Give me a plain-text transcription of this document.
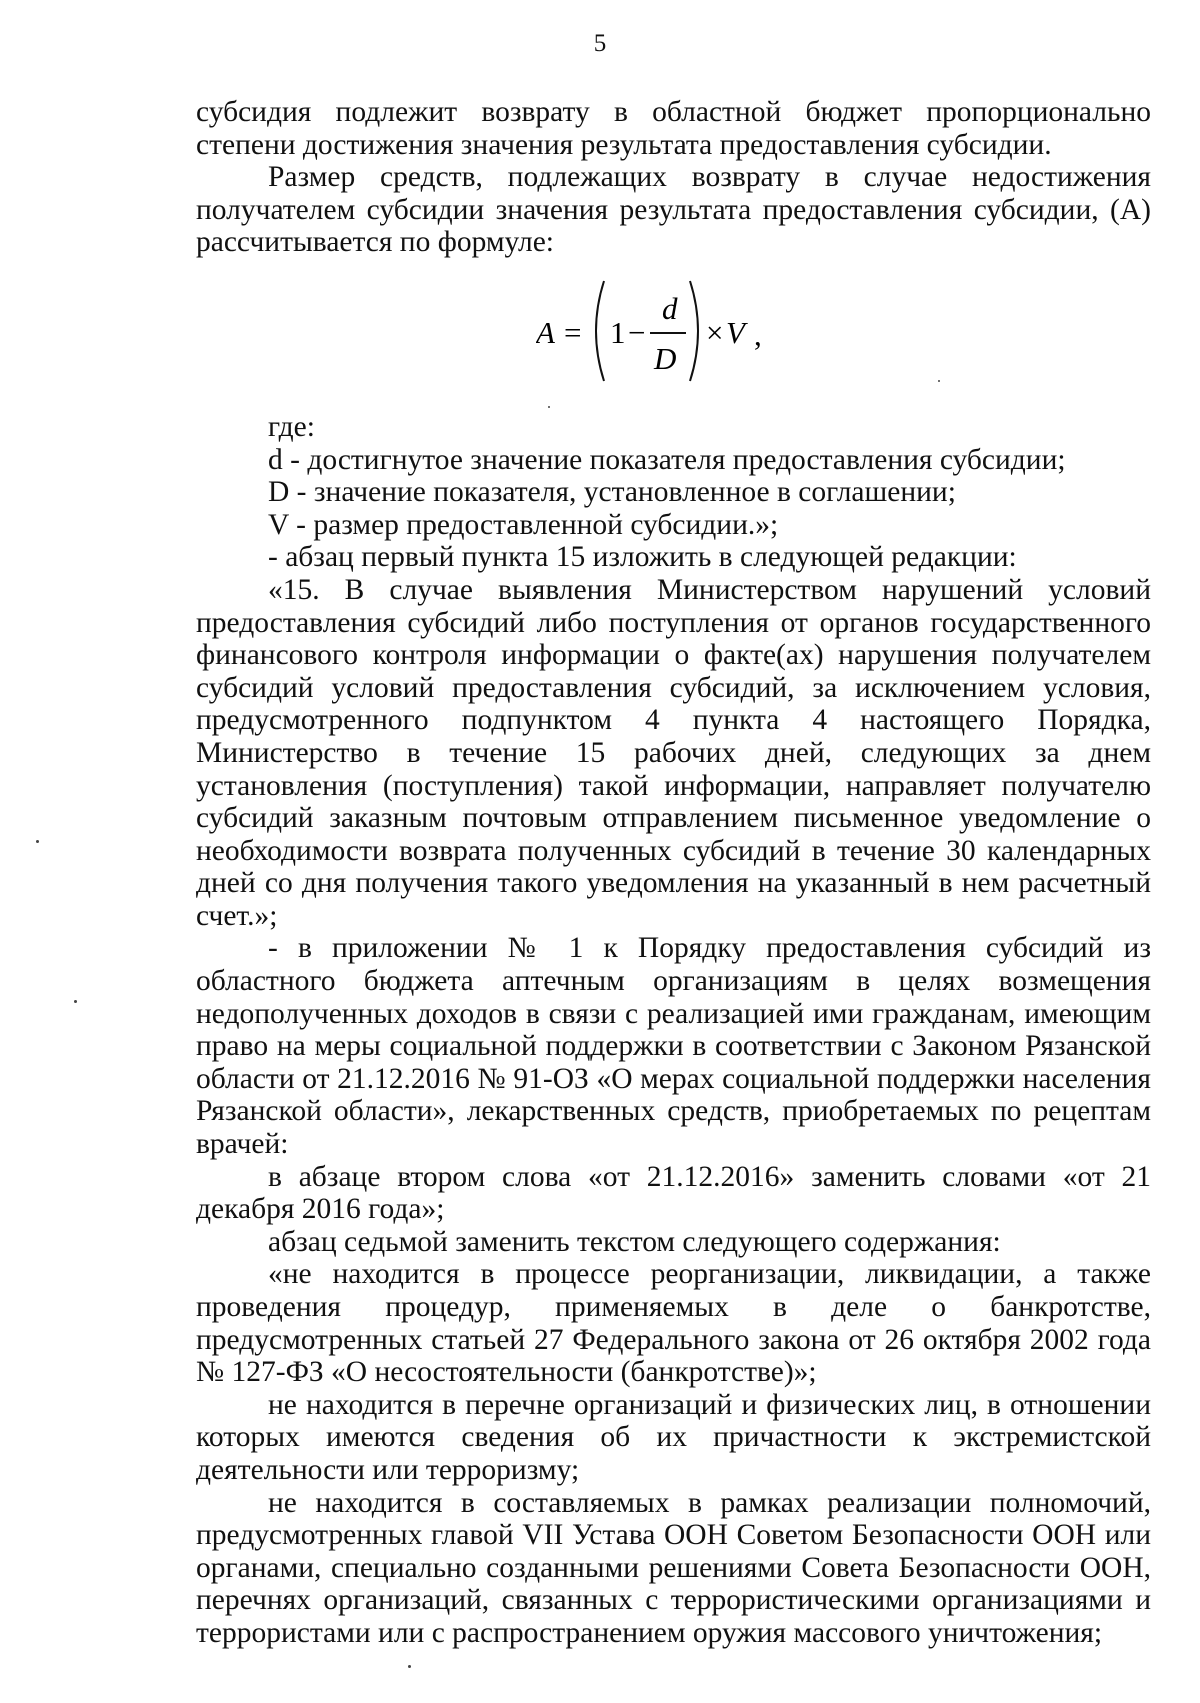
5

субсидия подлежит возврату в областной бюджет пропорционально степени достижения значения результата предоставления субсидии.

Размер средств, подлежащих возврату в случае недостижения получателем субсидии значения результата предоставления субсидии, (A) рассчитывается по формуле:

A = 1 −
d
D
× V ,

где:

d - достигнутое значение показателя предоставления субсидии;

D - значение показателя, установленное в соглашении;

V - размер предоставленной субсидии.»;

- абзац первый пункта 15 изложить в следующей редакции:

«15. В случае выявления Министерством нарушений условий предоставления субсидий либо поступления от органов государственного финансового контроля информации о факте(ах) нарушения получателем субсидий условий предоставления субсидий, за исключением условия, предусмотренного подпунктом 4 пункта 4 настоящего Порядка, Министерство в течение 15 рабочих дней, следующих за днем установления (поступления) такой информации, направляет получателю субсидий заказным почтовым отправлением письменное уведомление о необходимости возврата полученных субсидий в течение 30 календарных дней со дня получения такого уведомления на указанный в нем расчетный счет.»;

- в приложении № 1 к Порядку предоставления субсидий из областного бюджета аптечным организациям в целях возмещения недополученных доходов в связи с реализацией ими гражданам, имеющим право на меры социальной поддержки в соответствии с Законом Рязанской области от 21.12.2016 № 91-ОЗ «О мерах социальной поддержки населения Рязанской области», лекарственных средств, приобретаемых по рецептам врачей:

в абзаце втором слова «от 21.12.2016» заменить словами «от 21 декабря 2016 года»;

абзац седьмой заменить текстом следующего содержания:

«не находится в процессе реорганизации, ликвидации, а также проведения процедур, применяемых в деле о банкротстве, предусмотренных статьей 27 Федерального закона от 26 октября 2002 года № 127-ФЗ «О несостоятельности (банкротстве)»;

не находится в перечне организаций и физических лиц, в отношении которых имеются сведения об их причастности к экстремистской деятельности или терроризму;

не находится в составляемых в рамках реализации полномочий, предусмотренных главой VII Устава ООН Советом Безопасности ООН или органами, специально созданными решениями Совета Безопасности ООН, перечнях организаций, связанных с террористическими организациями и террористами или с распространением оружия массового уничтожения;
